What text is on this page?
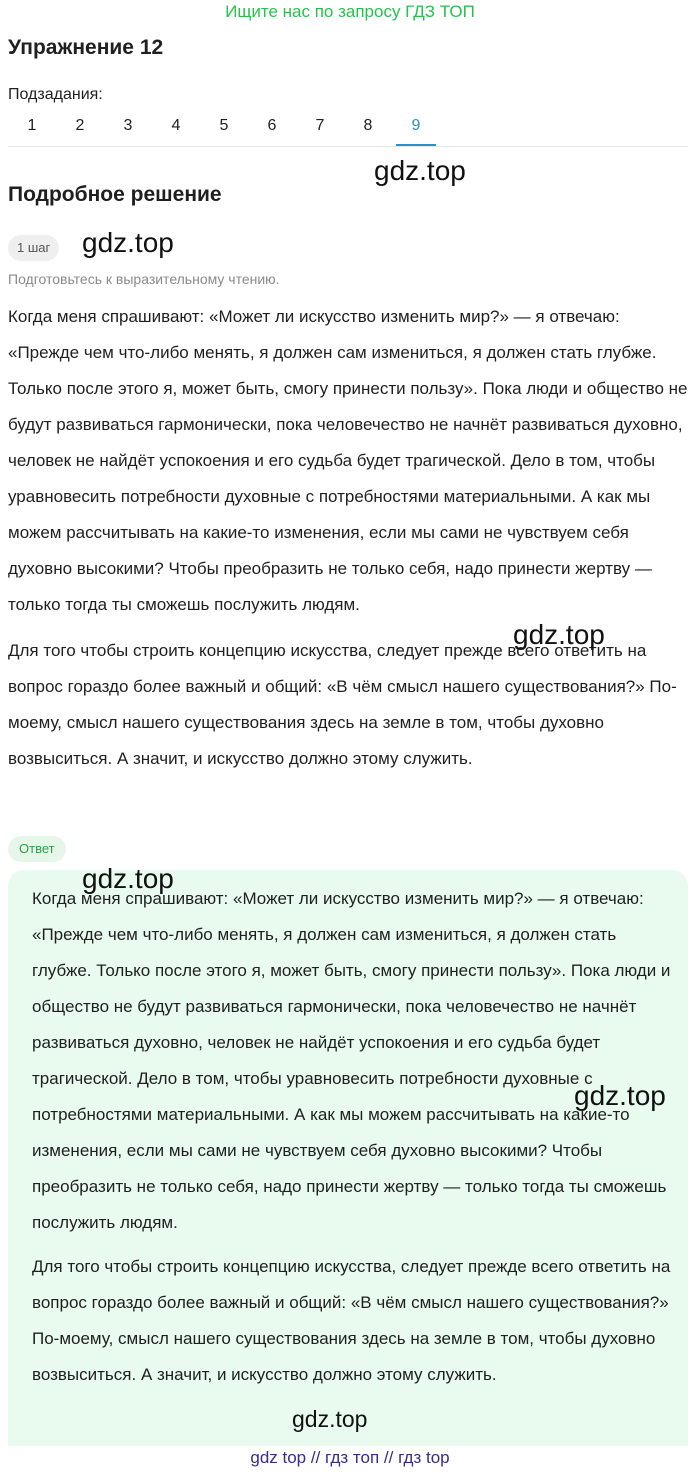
Ищите нас по запросу ГДЗ ТОП
Упражнение 12
Подзадания:
1	2	3	4	5	6	7	8	9
Подробное решение
1 шаг
Подготовьтесь к выразительному чтению.

Когда меня спрашивают: «Может ли искусство изменить мир?» — я отвечаю: «Прежде чем что-либо менять, я должен сам измениться, я должен стать глубже. Только после этого я, может быть, смогу принести пользу». Пока люди и общество не будут развиваться гармонически, пока человечество не начнёт развиваться духовно, человек не найдёт успокоения и его судьба будет трагической. Дело в том, чтобы уравновесить потребности духовные с потребностями материальными. А как мы можем рассчитывать на какие-то изменения, если мы сами не чувствуем себя духовно высокими? Чтобы преобразить не только себя, надо принести жертву — только тогда ты сможешь послужить людям.

Для того чтобы строить концепцию искусства, следует прежде всего ответить на вопрос гораздо более важный и общий: «В чём смысл нашего существования?» По-моему, смысл нашего существования здесь на земле в том, чтобы духовно возвыситься. А значит, и искусство должно этому служить.

Ответ

Когда меня спрашивают: «Может ли искусство изменить мир?» — я отвечаю: «Прежде чем что-либо менять, я должен сам измениться, я должен стать глубже. Только после этого я, может быть, смогу принести пользу». Пока люди и общество не будут развиваться гармонически, пока человечество не начнёт развиваться духовно, человек не найдёт успокоения и его судьба будет трагической. Дело в том, чтобы уравновесить потребности духовные с потребностями материальными. А как мы можем рассчитывать на какие-то изменения, если мы сами не чувствуем себя духовно высокими? Чтобы преобразить не только себя, надо принести жертву — только тогда ты сможешь послужить людям.

Для того чтобы строить концепцию искусства, следует прежде всего ответить на вопрос гораздо более важный и общий: «В чём смысл нашего существования?» По-моему, смысл нашего существования здесь на земле в том, чтобы духовно возвыситься. А значит, и искусство должно этому служить.

gdz.top
gdz.top
gdz.top
gdz.top
gdz.top
gdz.top
gdz top // гдз топ // гдз top
